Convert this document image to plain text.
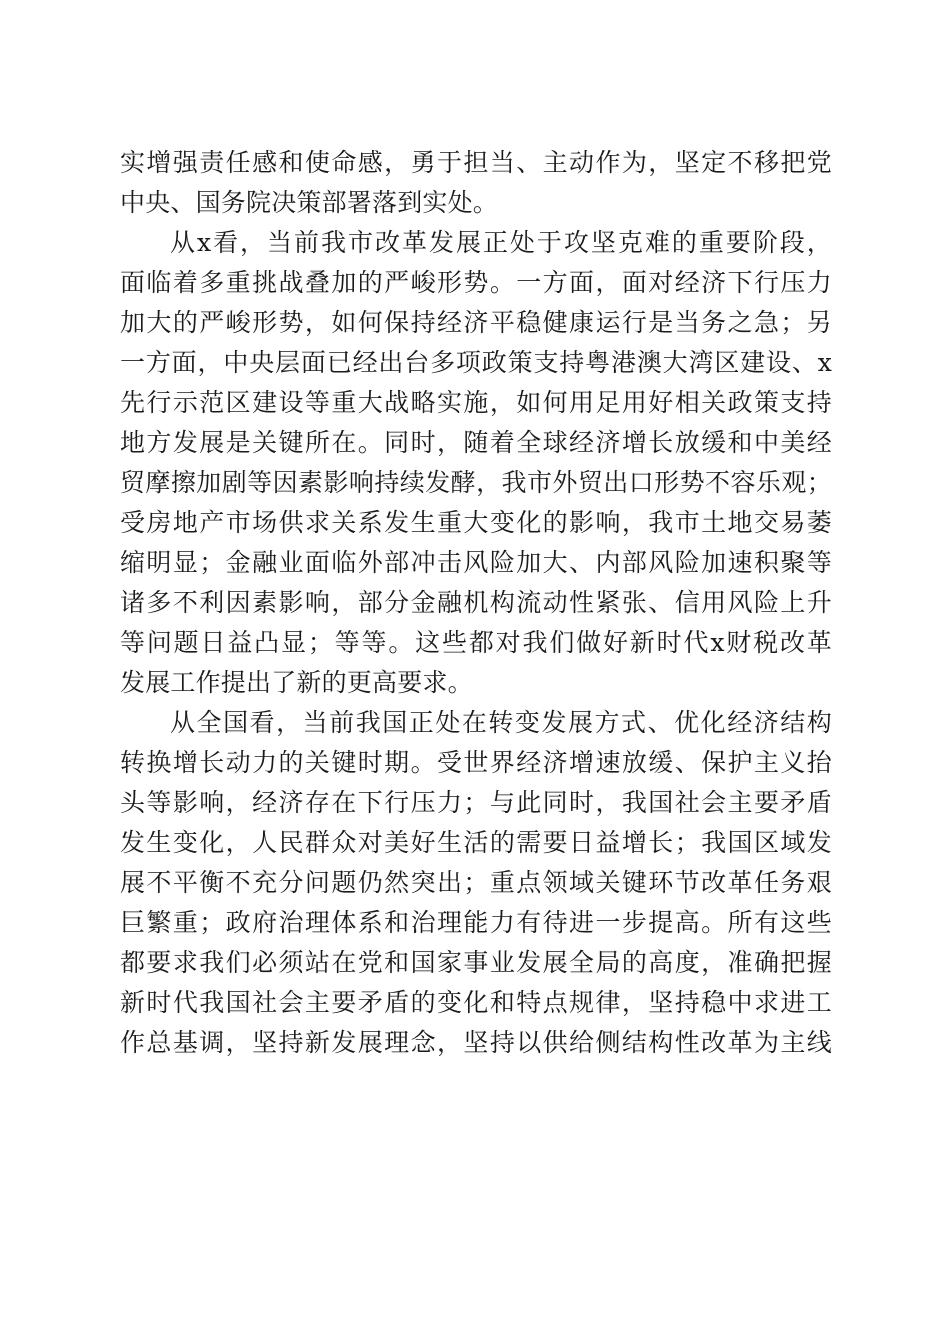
实增强责任感和使命感，勇于担当、主动作为，坚定不移把党
中央、国务院决策部署落到实处。
从x看，当前我市改革发展正处于攻坚克难的重要阶段，
面临着多重挑战叠加的严峻形势。一方面，面对经济下行压力
加大的严峻形势，如何保持经济平稳健康运行是当务之急；另
一方面，中央层面已经出台多项政策支持粤港澳大湾区建设、x
先行示范区建设等重大战略实施，如何用足用好相关政策支持
地方发展是关键所在。同时，随着全球经济增长放缓和中美经
贸摩擦加剧等因素影响持续发酵，我市外贸出口形势不容乐观；
受房地产市场供求关系发生重大变化的影响，我市土地交易萎
缩明显；金融业面临外部冲击风险加大、内部风险加速积聚等
诸多不利因素影响，部分金融机构流动性紧张、信用风险上升
等问题日益凸显；等等。这些都对我们做好新时代x财税改革
发展工作提出了新的更高要求。
从全国看，当前我国正处在转变发展方式、优化经济结构
转换增长动力的关键时期。受世界经济增速放缓、保护主义抬
头等影响，经济存在下行压力；与此同时，我国社会主要矛盾
发生变化，人民群众对美好生活的需要日益增长；我国区域发
展不平衡不充分问题仍然突出；重点领域关键环节改革任务艰
巨繁重；政府治理体系和治理能力有待进一步提高。所有这些
都要求我们必须站在党和国家事业发展全局的高度，准确把握
新时代我国社会主要矛盾的变化和特点规律，坚持稳中求进工
作总基调，坚持新发展理念，坚持以供给侧结构性改革为主线
